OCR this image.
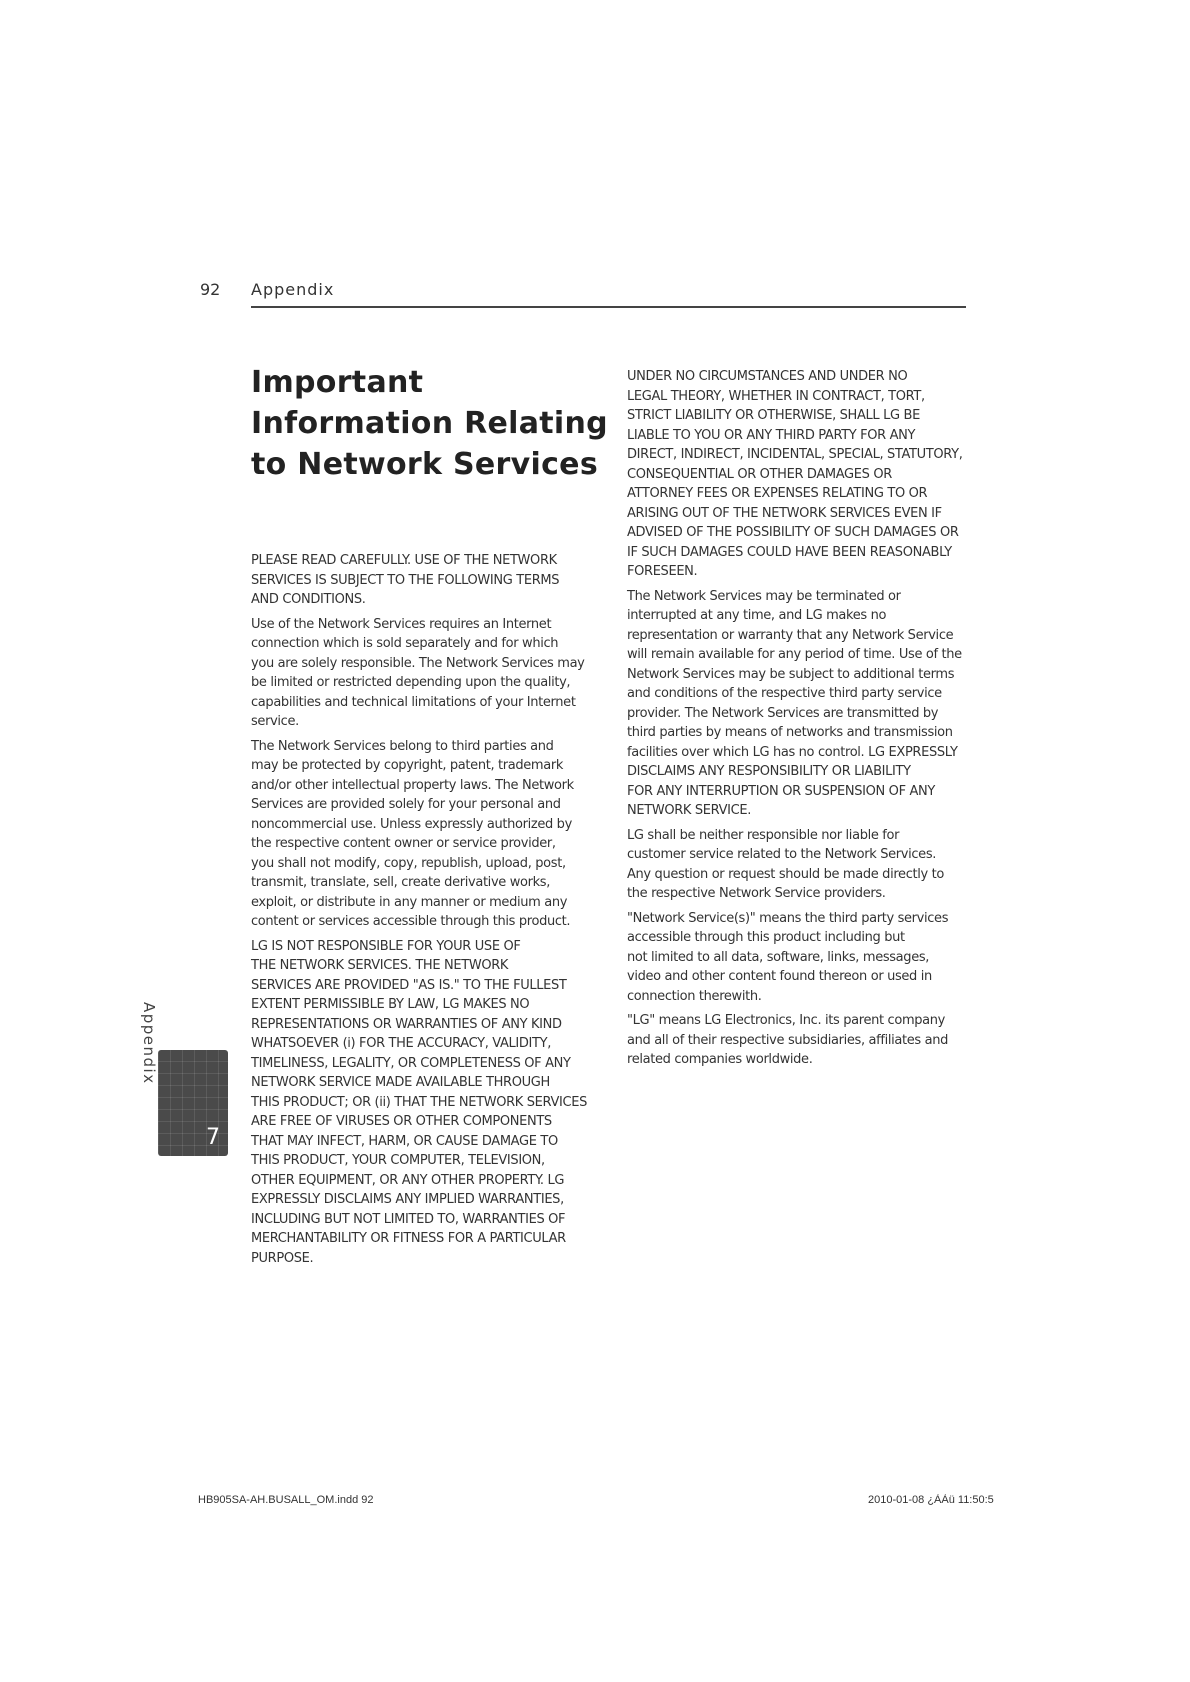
92 Appendix
Important Information Relating to Network Services

PLEASE READ CAREFULLY. USE OF THE NETWORK
SERVICES IS SUBJECT TO THE FOLLOWING TERMS
AND CONDITIONS.

Use of the Network Services requires an Internet
connection which is sold separately and for which
you are solely responsible. The Network Services may
be limited or restricted depending upon the quality,
capabilities and technical limitations of your Internet
service.

The Network Services belong to third parties and
may be protected by copyright, patent, trademark
and/or other intellectual property laws. The Network
Services are provided solely for your personal and
noncommercial use. Unless expressly authorized by
the respective content owner or service provider,
you shall not modify, copy, republish, upload, post,
transmit, translate, sell, create derivative works,
exploit, or distribute in any manner or medium any
content or services accessible through this product.

LG IS NOT RESPONSIBLE FOR YOUR USE OF
THE NETWORK SERVICES. THE NETWORK
SERVICES ARE PROVIDED "AS IS." TO THE FULLEST
EXTENT PERMISSIBLE BY LAW, LG MAKES NO
REPRESENTATIONS OR WARRANTIES OF ANY KIND
WHATSOEVER (i) FOR THE ACCURACY, VALIDITY,
TIMELINESS, LEGALITY, OR COMPLETENESS OF ANY
NETWORK SERVICE MADE AVAILABLE THROUGH
THIS PRODUCT; OR (ii) THAT THE NETWORK SERVICES
ARE FREE OF VIRUSES OR OTHER COMPONENTS
THAT MAY INFECT, HARM, OR CAUSE DAMAGE TO
THIS PRODUCT, YOUR COMPUTER, TELEVISION,
OTHER EQUIPMENT, OR ANY OTHER PROPERTY. LG
EXPRESSLY DISCLAIMS ANY IMPLIED WARRANTIES,
INCLUDING BUT NOT LIMITED TO, WARRANTIES OF
MERCHANTABILITY OR FITNESS FOR A PARTICULAR
PURPOSE.

UNDER NO CIRCUMSTANCES AND UNDER NO
LEGAL THEORY, WHETHER IN CONTRACT, TORT,
STRICT LIABILITY OR OTHERWISE, SHALL LG BE
LIABLE TO YOU OR ANY THIRD PARTY FOR ANY
DIRECT, INDIRECT, INCIDENTAL, SPECIAL, STATUTORY,
CONSEQUENTIAL OR OTHER DAMAGES OR
ATTORNEY FEES OR EXPENSES RELATING TO OR
ARISING OUT OF THE NETWORK SERVICES EVEN IF
ADVISED OF THE POSSIBILITY OF SUCH DAMAGES OR
IF SUCH DAMAGES COULD HAVE BEEN REASONABLY
FORESEEN.

The Network Services may be terminated or
interrupted at any time, and LG makes no
representation or warranty that any Network Service
will remain available for any period of time. Use of the
Network Services may be subject to additional terms
and conditions of the respective third party service
provider. The Network Services are transmitted by
third parties by means of networks and transmission
facilities over which LG has no control. LG EXPRESSLY
DISCLAIMS ANY RESPONSIBILITY OR LIABILITY
FOR ANY INTERRUPTION OR SUSPENSION OF ANY
NETWORK SERVICE.

LG shall be neither responsible nor liable for
customer service related to the Network Services.
Any question or request should be made directly to
the respective Network Service providers.

"Network Service(s)" means the third party services
accessible through this product including but
not limited to all data, software, links, messages,
video and other content found thereon or used in
connection therewith.

"LG" means LG Electronics, Inc. its parent company
and all of their respective subsidiaries, affiliates and
related companies worldwide.

Appendix
7
HB905SA-AH.BUSALL_OM.indd 92	2010-01-08 ¿ÀÀü 11:50:5
